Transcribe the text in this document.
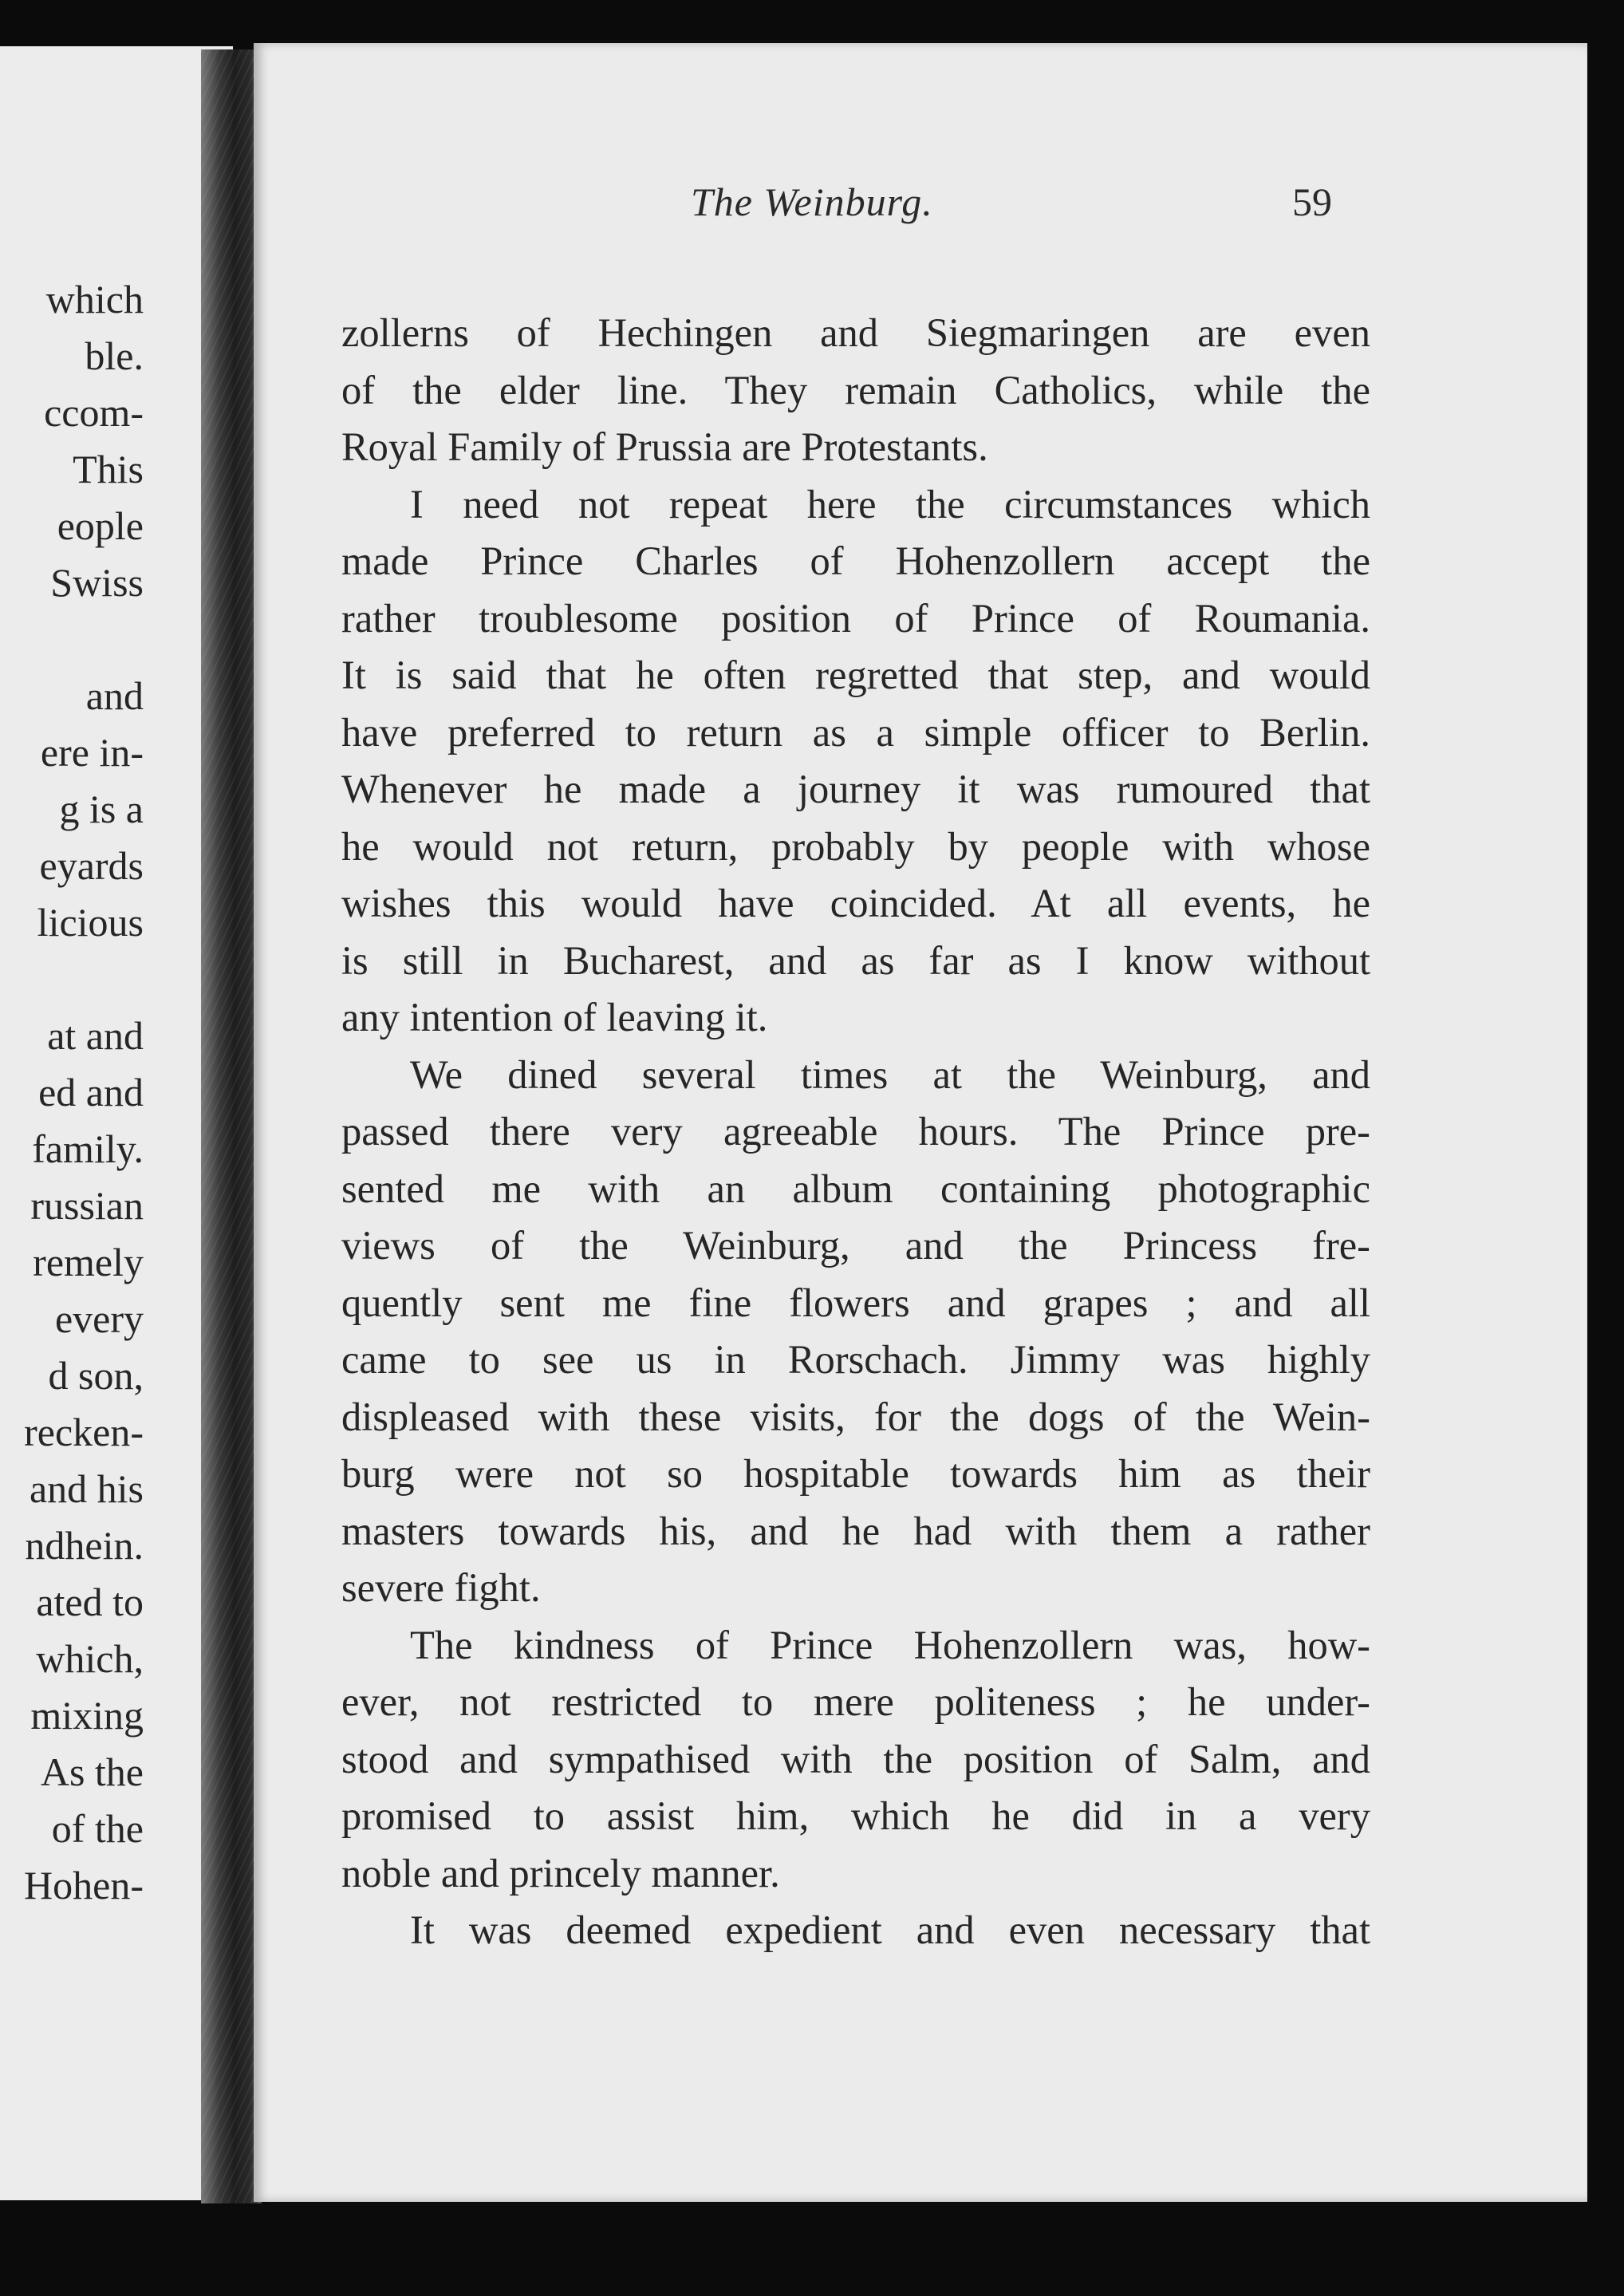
which
ble.
ccom-
This
eople
Swiss
and
ere in-
g is a
eyards
licious
at and
ed and
family.
russian
remely
every
d son,
recken-
and his
ndhein.
ated to
which,
mixing
As the
of the
Hohen-
The Weinburg.	59
zollerns of Hechingen and Siegmaringen are even
of the elder line. They remain Catholics, while the
Royal Family of Prussia are Protestants.
I need not repeat here the circumstances which
made Prince Charles of Hohenzollern accept the
rather troublesome position of Prince of Roumania.
It is said that he often regretted that step, and would
have preferred to return as a simple officer to Berlin.
Whenever he made a journey it was rumoured that
he would not return, probably by people with whose
wishes this would have coincided. At all events, he
is still in Bucharest, and as far as I know without
any intention of leaving it.
We dined several times at the Weinburg, and
passed there very agreeable hours. The Prince pre-
sented me with an album containing photographic
views of the Weinburg, and the Princess fre-
quently sent me fine flowers and grapes ; and all
came to see us in Rorschach. Jimmy was highly
displeased with these visits, for the dogs of the Wein-
burg were not so hospitable towards him as their
masters towards his, and he had with them a rather
severe fight.
The kindness of Prince Hohenzollern was, how-
ever, not restricted to mere politeness ; he under-
stood and sympathised with the position of Salm, and
promised to assist him, which he did in a very
noble and princely manner.
It was deemed expedient and even necessary that
